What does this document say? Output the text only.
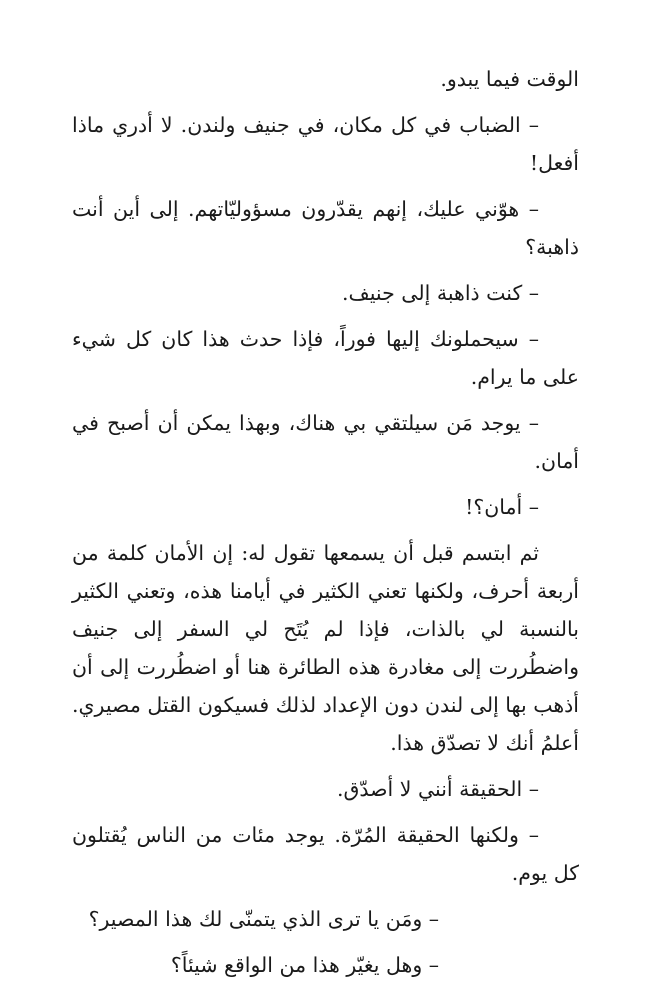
الوقت فيما يبدو.

– الضباب في كل مكان، في جنيف ولندن. لا أدري ماذا أفعل!

– هوّني عليك، إنهم يقدّرون مسؤوليّاتهم. إلى أين أنت ذاهبة؟

– كنت ذاهبة إلى جنيف.

– سيحملونك إليها فوراً، فإذا حدث هذا كان كل شيء على ما يرام.

– يوجد مَن سيلتقي بي هناك، وبهذا يمكن أن أصبح في أمان.

– أمان؟!

ثم ابتسم قبل أن يسمعها تقول له: إن الأمان كلمة من أربعة أحرف، ولكنها تعني الكثير في أيامنا هذه، وتعني الكثير بالنسبة لي بالذات، فإذا لم يُتَح لي السفر إلى جنيف واضطُررت إلى مغادرة هذه الطائرة هنا أو اضطُررت إلى أن أذهب بها إلى لندن دون الإعداد لذلك فسيكون القتل مصيري. أعلمُ أنك لا تصدّق هذا.

– الحقيقة أنني لا أصدّق.

– ولكنها الحقيقة المُرّة. يوجد مئات من الناس يُقتلون كل يوم.

– ومَن يا ترى الذي يتمنّى لك هذا المصير؟

– وهل يغيّر هذا من الواقع شيئاً؟
